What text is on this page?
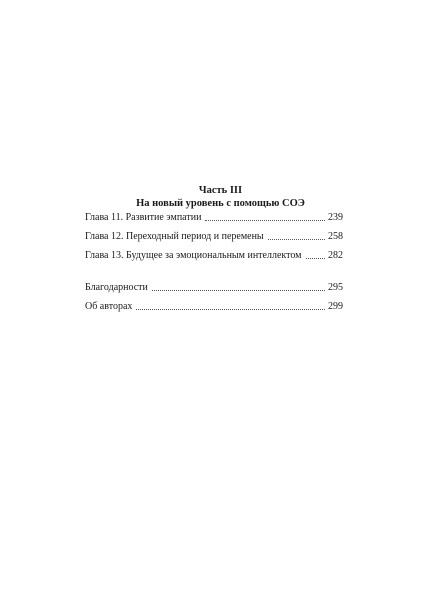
Часть III
На новый уровень с помощью СОЭ
Глава 11. Развитие эмпатии	239
Глава 12. Переходный период и перемены	258
Глава 13. Будущее за эмоциональным интеллектом	282
Благодарности	295
Об авторах	299
